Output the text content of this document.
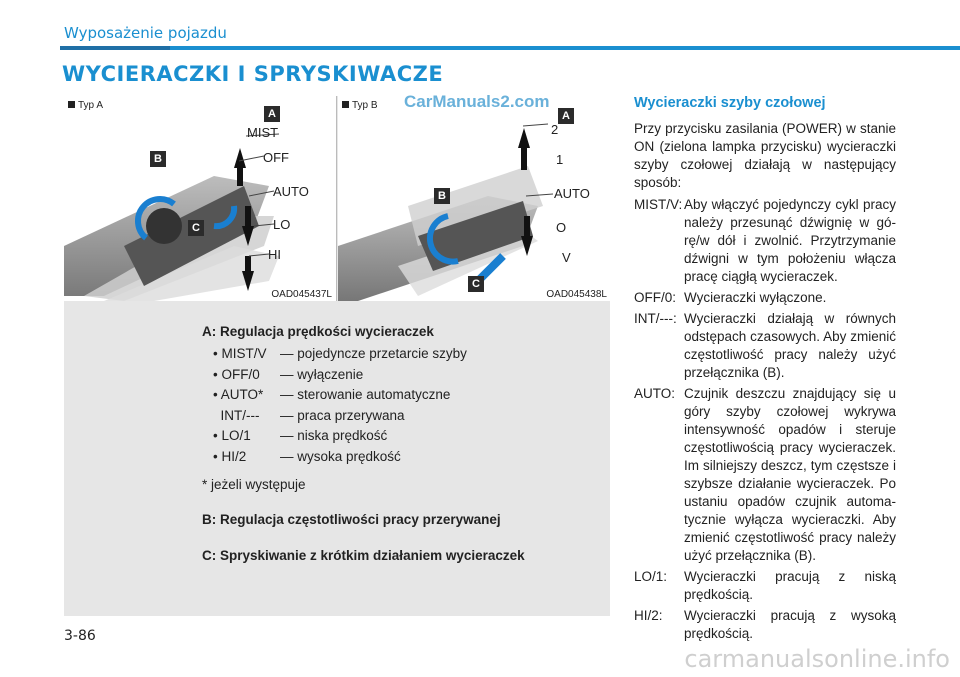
Wyposażenie pojazdu
WYCIERACZKI I SPRYSKIWACZE
Typ A
MIST
OFF
AUTO
LO
HI
A
B
C
OAD045437L
Typ B CarManuals2.com
2
1
AUTO
O
V
A
B
C
OAD045438L
A: Regulacja prędkości wycieraczek
• MIST/V	— pojedyncze przetarcie szyby
• OFF/0	— wyłączenie
• AUTO*	— sterowanie automatyczne
INT/---	— praca przerywana
• LO/1	— niska prędkość
• HI/2	— wysoka prędkość
* jeżeli występuje
B: Regulacja częstotliwości pracy przerywanej
C: Spryskiwanie z krótkim działaniem wycieraczek
Wycieraczki szyby czołowej
Przy przycisku zasilania (POWER) w stanie ON (zielona lampka przycisku) wycieraczki szyby czołowej działają w następujący sposób:
MIST/V: Aby włączyć pojedynczy cykl pracy należy przesunąć dźwignię w górę/w dół i zwolnić. Przytrzymanie dźwigni w tym położeniu włącza pracę ciągłą wycieraczek.
OFF/0: Wycieraczki wyłączone.
INT/---: Wycieraczki działają w równych odstępach czasowych. Aby zmienić częstotliwość pracy należy użyć przełącznika (B).
AUTO: Czujnik deszczu znajdujący się u góry szyby czołowej wykrywa intensywność opadów i steruje częstotliwością pracy wycieraczek. Im silniejszy deszcz, tym częstsze i szybsze działanie wycieraczek. Po ustaniu opadów czujnik automatycznie wyłącza wycieraczki. Aby zmienić częstotliwość pracy należy użyć przełącznika (B).
LO/1:	Wycieraczki pracują z niską prędkością.
HI/2:	Wycieraczki pracują z wysoką prędkością.
3-86
carmanualsonline.info
